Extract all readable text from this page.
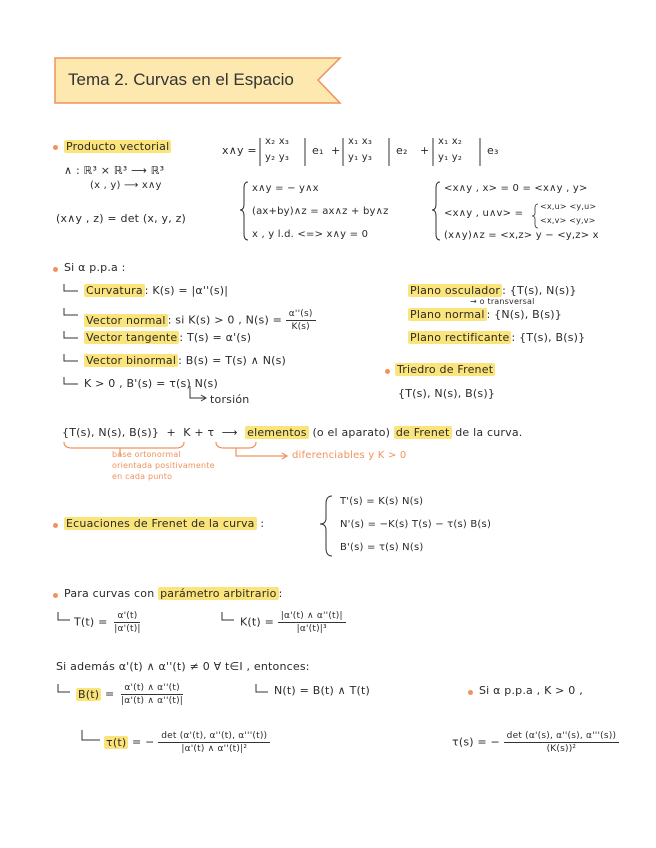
Tema 2. Curvas en el Espacio
Producto vectorial	x∧y =
x₂ x₃
y₂ y₃
e₁ +
x₁ x₃
y₁ y₃
e₂ +
x₁ x₂
y₁ y₂
e₃
∧ : ℝ³ × ℝ³ ⟶ ℝ³
(x , y) ⟶ x∧y
(x∧y , z) = det (x, y, z)
x∧y = − y∧x
(ax+by)∧z = ax∧z + by∧z
x , y l.d. <=> x∧y = 0
<x∧y , x> = 0 = <x∧y , y>
<x∧y , u∧v> =
<x,u> <y,u>
<x,v> <y,v>
(x∧y)∧z = <x,z> y − <y,z> x
Si α p.p.a :
Curvatura : K(s) = |α''(s)|
Vector normal : si K(s) > 0 , $N(s) = \frac{\alpha''(s)}{K(s)}$
Vector tangente : T(s) = α'(s)
Vector binormal : B(s) = T(s) ∧ N(s)
K > 0 , B'(s) = τ(s) N(s)
torsión
Plano osculador : {T(s), N(s)}
→ o transversal
Plano normal : {N(s), B(s)}
Plano rectificante : {T(s), B(s)}
Triedro de Frenet
{T(s), N(s), B(s)}
{T(s), N(s), B(s)} + K + τ ⟶ elementos (o el aparato) de Frenet de la curva.
base ortonormal
orientada positivamente
en cada punto
diferenciables y K > 0
Ecuaciones de Frenet de la curva :
T'(s) = K(s) N(s)
N'(s) = −K(s) T(s) − τ(s) B(s)
B'(s) = τ(s) N(s)
Para curvas con parámetro arbitrario :
$T(t) = \frac{\alpha'(t)}{|\alpha'(t)|}$	$K(t) = \frac{|\alpha'(t) \wedge \alpha''(t)|}{\text{|α'(t)|³}}$
Si además α'(t) ∧ α''(t) ≠ 0 ∀ t∈I , entonces:
$B(t) = \frac{\alpha'(t) \wedge \alpha''(t)}{|\alpha'(t) \wedge \alpha''(t)|}$	N(t) = B(t) ∧ T(t)	Si α p.p.a , K > 0 ,
τ(t) = − $\frac{\det (\alpha'(t), \alpha''(t), \alpha'''(t))}{\text{|α'(t) ∧ α''(t)|²}}$	τ(s) = − $\frac{\det (\alpha'(s), \alpha''(s), \alpha'''(s))}{\text{(K(s))²}}$
